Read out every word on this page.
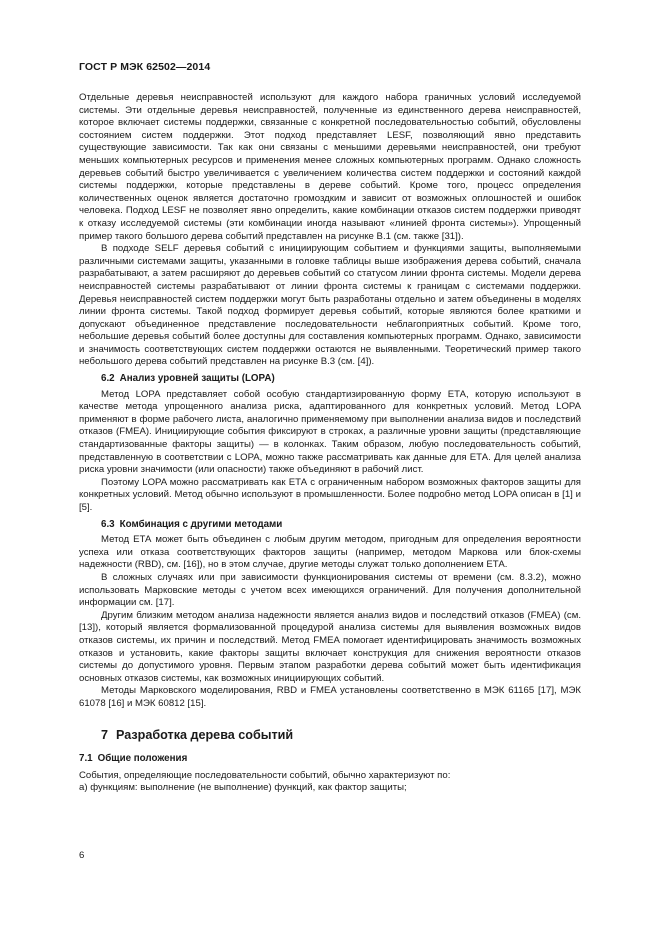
ГОСТ Р МЭК 62502—2014

Отдельные деревья неисправностей используют для каждого набора граничных условий исследуемой системы. Эти отдельные деревья неисправностей, полученные из единственного дерева неисправностей, которое включает системы поддержки, связанные с конкретной последовательностью событий, обусловлены состоянием систем поддержки. Этот подход представляет LESF, позволяющий явно представить существующие зависимости. Так как они связаны с меньшими деревьями неисправностей, они требуют меньших компьютерных ресурсов и применения менее сложных компьютерных программ. Однако сложность деревьев событий быстро увеличивается с увеличением количества систем поддержки и состояний каждой системы поддержки, которые представлены в дереве событий. Кроме того, процесс определения количественных оценок является достаточно громоздким и зависит от возможных оплошностей и ошибок человека. Подход LESF не позволяет явно определить, какие комбинации отказов систем поддержки приводят к отказу исследуемой системы (эти комбинации иногда называют «линией фронта системы»). Упрощенный пример такого большого дерева событий представлен на рисунке В.1 (см. также [31]).

В подходе SELF деревья событий с инициирующим событием и функциями защиты, выполняемыми различными системами защиты, указанными в головке таблицы выше изображения дерева событий, сначала разрабатывают, а затем расширяют до деревьев событий со статусом линии фронта системы. Модели дерева неисправностей системы разрабатывают от линии фронта системы к границам с системами поддержки. Деревья неисправностей систем поддержки могут быть разработаны отдельно и затем объединены в моделях линии фронта системы. Такой подход формирует деревья событий, которые являются более краткими и допускают объединенное представление последовательности неблагоприятных событий. Кроме того, небольшие деревья событий более доступны для составления компьютерных программ. Однако, зависимости и значимость соответствующих систем поддержки остаются не выявленными. Теоретический пример такого небольшого дерева событий представлен на рисунке В.3 (см. [4]).

6.2 Анализ уровней защиты (LOPA)

Метод LOPA представляет собой особую стандартизированную форму ЕТА, которую используют в качестве метода упрощенного анализа риска, адаптированного для конкретных условий. Метод LOPA применяют в форме рабочего листа, аналогично применяемому при выполнении анализа видов и последствий отказов (FMEA). Инициирующие события фиксируют в строках, а различные уровни защиты (представляющие стандартизованные факторы защиты) — в колонках. Таким образом, любую последовательность событий, представленную в соответствии с LOPA, можно также рассматривать как данные для ЕТА. Для целей анализа риска уровни значимости (или опасности) также объединяют в рабочий лист.

Поэтому LOPA можно рассматривать как ЕТА с ограниченным набором возможных факторов защиты для конкретных условий. Метод обычно используют в промышленности. Более подробно метод LOPA описан в [1] и [5].

6.3 Комбинация с другими методами

Метод ЕТА может быть объединен с любым другим методом, пригодным для определения вероятности успеха или отказа соответствующих факторов защиты (например, методом Маркова или блок-схемы надежности (RBD), см. [16]), но в этом случае, другие методы служат только дополнением ЕТА.

В сложных случаях или при зависимости функционирования системы от времени (см. 8.3.2), можно использовать Марковские методы с учетом всех имеющихся ограничений. Для получения дополнительной информации см. [17].

Другим близким методом анализа надежности является анализ видов и последствий отказов (FMEA) (см. [13]), который является формализованной процедурой анализа системы для выявления возможных видов отказов системы, их причин и последствий. Метод FMEA помогает идентифицировать значимость возможных отказов и установить, какие факторы защиты включает конструкция для снижения вероятности отказов системы до допустимого уровня. Первым этапом разработки дерева событий может быть идентификация основных отказов системы, как возможных инициирующих событий.

Методы Марковского моделирования, RBD и FMEA установлены соответственно в МЭК 61165 [17], МЭК 61078 [16] и МЭК 60812 [15].

7 Разработка дерева событий
7.1 Общие положения

События, определяющие последовательности событий, обычно характеризуют по:

а) функциям: выполнение (не выполнение) функций, как фактор защиты;

6
